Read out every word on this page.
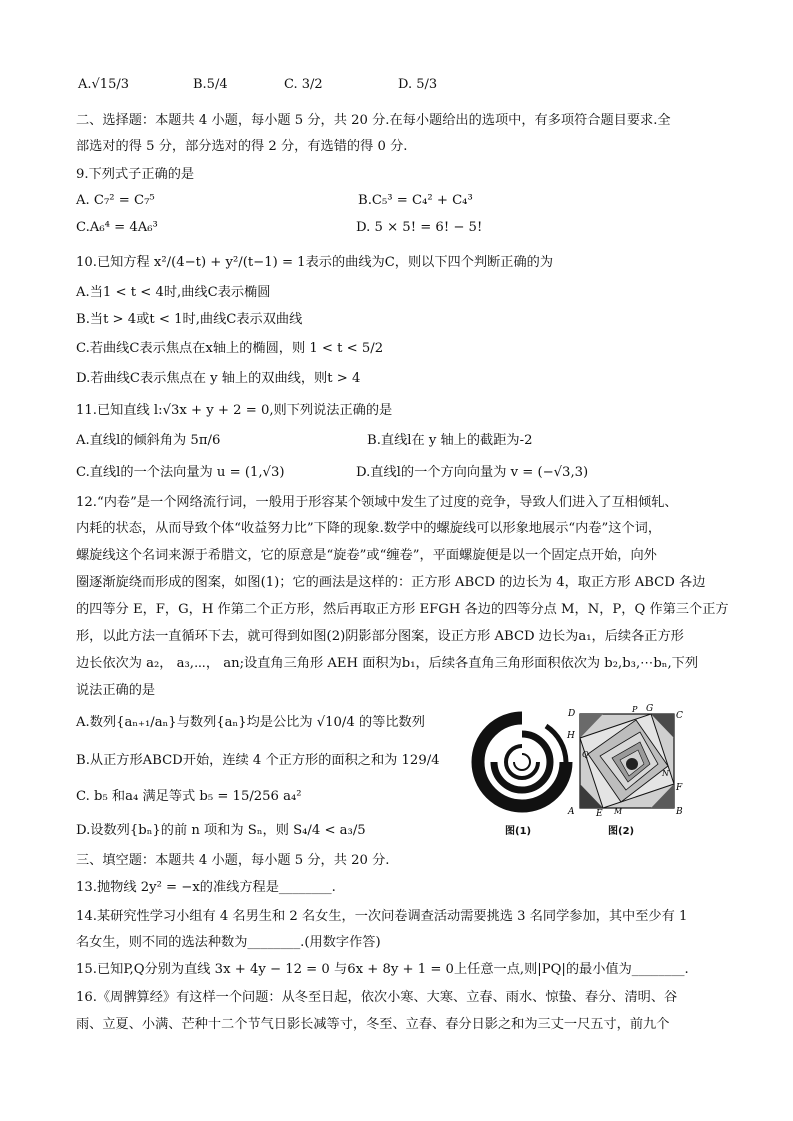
A.√15/3	B.5/4	C. 3/2	D. 5/3
二、选择题：本题共 4 小题，每小题 5 分，共 20 分.在每小题给出的选项中，有多项符合题目要求.全
部选对的得 5 分，部分选对的得 2 分，有选错的得 0 分.
9.下列式子正确的是
A. C₇² = C₇⁵	B.C₅³ = C₄² + C₄³
C.A₆⁴ = 4A₆³	D. 5 × 5! = 6! − 5!
10.已知方程 x²/(4−t) + y²/(t−1) = 1表示的曲线为C，则以下四个判断正确的为
A.当1 < t < 4时,曲线C表示椭圆
B.当t > 4或t < 1时,曲线C表示双曲线
C.若曲线C表示焦点在x轴上的椭圆，则 1 < t < 5/2
D.若曲线C表示焦点在 y 轴上的双曲线，则t > 4
11.已知直线 l:√3x + y + 2 = 0,则下列说法正确的是
A.直线l的倾斜角为 5π/6	B.直线l在 y 轴上的截距为-2
C.直线l的一个法向量为 u = (1,√3)	D.直线l的一个方向向量为 v = (−√3,3)
12.“内卷”是一个网络流行词，一般用于形容某个领域中发生了过度的竞争，导致人们进入了互相倾轧、
内耗的状态，从而导致个体“收益努力比”下降的现象.数学中的螺旋线可以形象地展示“内卷”这个词，
螺旋线这个名词来源于希腊文，它的原意是“旋卷”或“缠卷”，平面螺旋便是以一个固定点开始，向外
圈逐渐旋绕而形成的图案，如图(1)；它的画法是这样的：正方形 ABCD 的边长为 4，取正方形 ABCD 各边
的四等分 E，F，G，H 作第二个正方形，然后再取正方形 EFGH 各边的四等分点 M，N，P，Q 作第三个正方
形，以此方法一直循环下去，就可得到如图(2)阴影部分图案，设正方形 ABCD 边长为a₁，后续各正方形
边长依次为 a₂， a₃,⋯， an;设直角三角形 AEH 面积为b₁，后续各直角三角形面积依次为 b₂,b₃,⋯bₙ,下列
说法正确的是
A.数列{aₙ₊₁/aₙ}与数列{aₙ}均是公比为 √10/4 的等比数列
B.从正方形ABCD开始，连续 4 个正方形的面积之和为 129/4
C. b₅ 和a₄ 满足等式 b₅ = 15/256 a₄²
D.设数列{bₙ}的前 n 项和为 Sₙ，则 S₄/4 < a₃/5	图(1)
D	P G
C
H
Q
N
F
A E M	B
图(2)
三、填空题：本题共 4 小题，每小题 5 分，共 20 分.
13.抛物线 2y² = −x的准线方程是________.
14.某研究性学习小组有 4 名男生和 2 名女生，一次问卷调查活动需要挑选 3 名同学参加，其中至少有 1
名女生，则不同的选法种数为________.(用数字作答)
15.已知P,Q分别为直线 3x + 4y − 12 = 0 与6x + 8y + 1 = 0上任意一点,则|PQ|的最小值为________.
16.《周髀算经》有这样一个问题：从冬至日起，依次小寒、大寒、立春、雨水、惊蛰、春分、清明、谷
雨、立夏、小满、芒种十二个节气日影长减等寸，冬至、立春、春分日影之和为三丈一尺五寸，前九个
